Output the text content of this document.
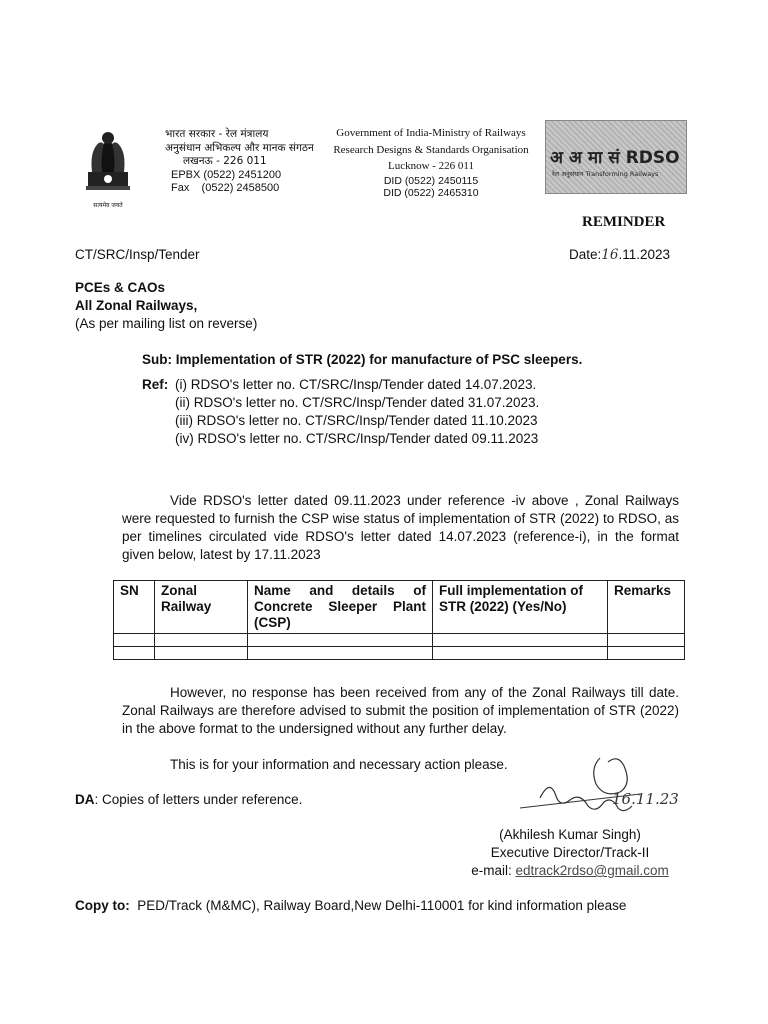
सत्यमेव जयते
भारत सरकार - रेल मंत्रालय
अनुसंधान अभिकल्प और मानक संगठन
लखनऊ - 226 011
EPBX (0522) 2451200
Fax    (0522) 2458500
Government of India-Ministry of Railways
Research Designs & Standards Organisation
Lucknow - 226 011
DID (0522) 2450115
DID (0522) 2465310
अ अ मा सं RDSO
रेल अनुसंधान Transforming Railways
REMINDER
CT/SRC/Insp/Tender	Date:16.11.2023
PCEs & CAOs
All Zonal Railways,
(As per mailing list on reverse)
Sub: Implementation of STR (2022) for manufacture of PSC sleepers.
Ref: (i) RDSO's letter no. CT/SRC/Insp/Tender dated 14.07.2023.
(ii) RDSO's letter no. CT/SRC/Insp/Tender dated 31.07.2023.
(iii) RDSO's letter no. CT/SRC/Insp/Tender dated 11.10.2023
(iv) RDSO's letter no. CT/SRC/Insp/Tender dated 09.11.2023

Vide RDSO's letter dated 09.11.2023 under reference -iv above , Zonal Railways were requested to furnish the CSP wise status of implementation of STR (2022) to RDSO, as per timelines circulated vide RDSO's letter dated 14.07.2023 (reference-i), in the format given below, latest by 17.11.2023

SN	Zonal Railway	Name and details of Concrete Sleeper Plant (CSP)	Full implementation of STR (2022) (Yes/No)	Remarks

However, no response has been received from any of the Zonal Railways till date. Zonal Railways are therefore advised to submit the position of implementation of STR (2022) in the above format to the undersigned without any further delay.

This is for your information and necessary action please.
DA: Copies of letters under reference.	16.11.23
(Akhilesh Kumar Singh)
Executive Director/Track-II
e-mail: edtrack2rdso@gmail.com
Copy to:  PED/Track (M&MC), Railway Board,New Delhi-110001 for kind information please
